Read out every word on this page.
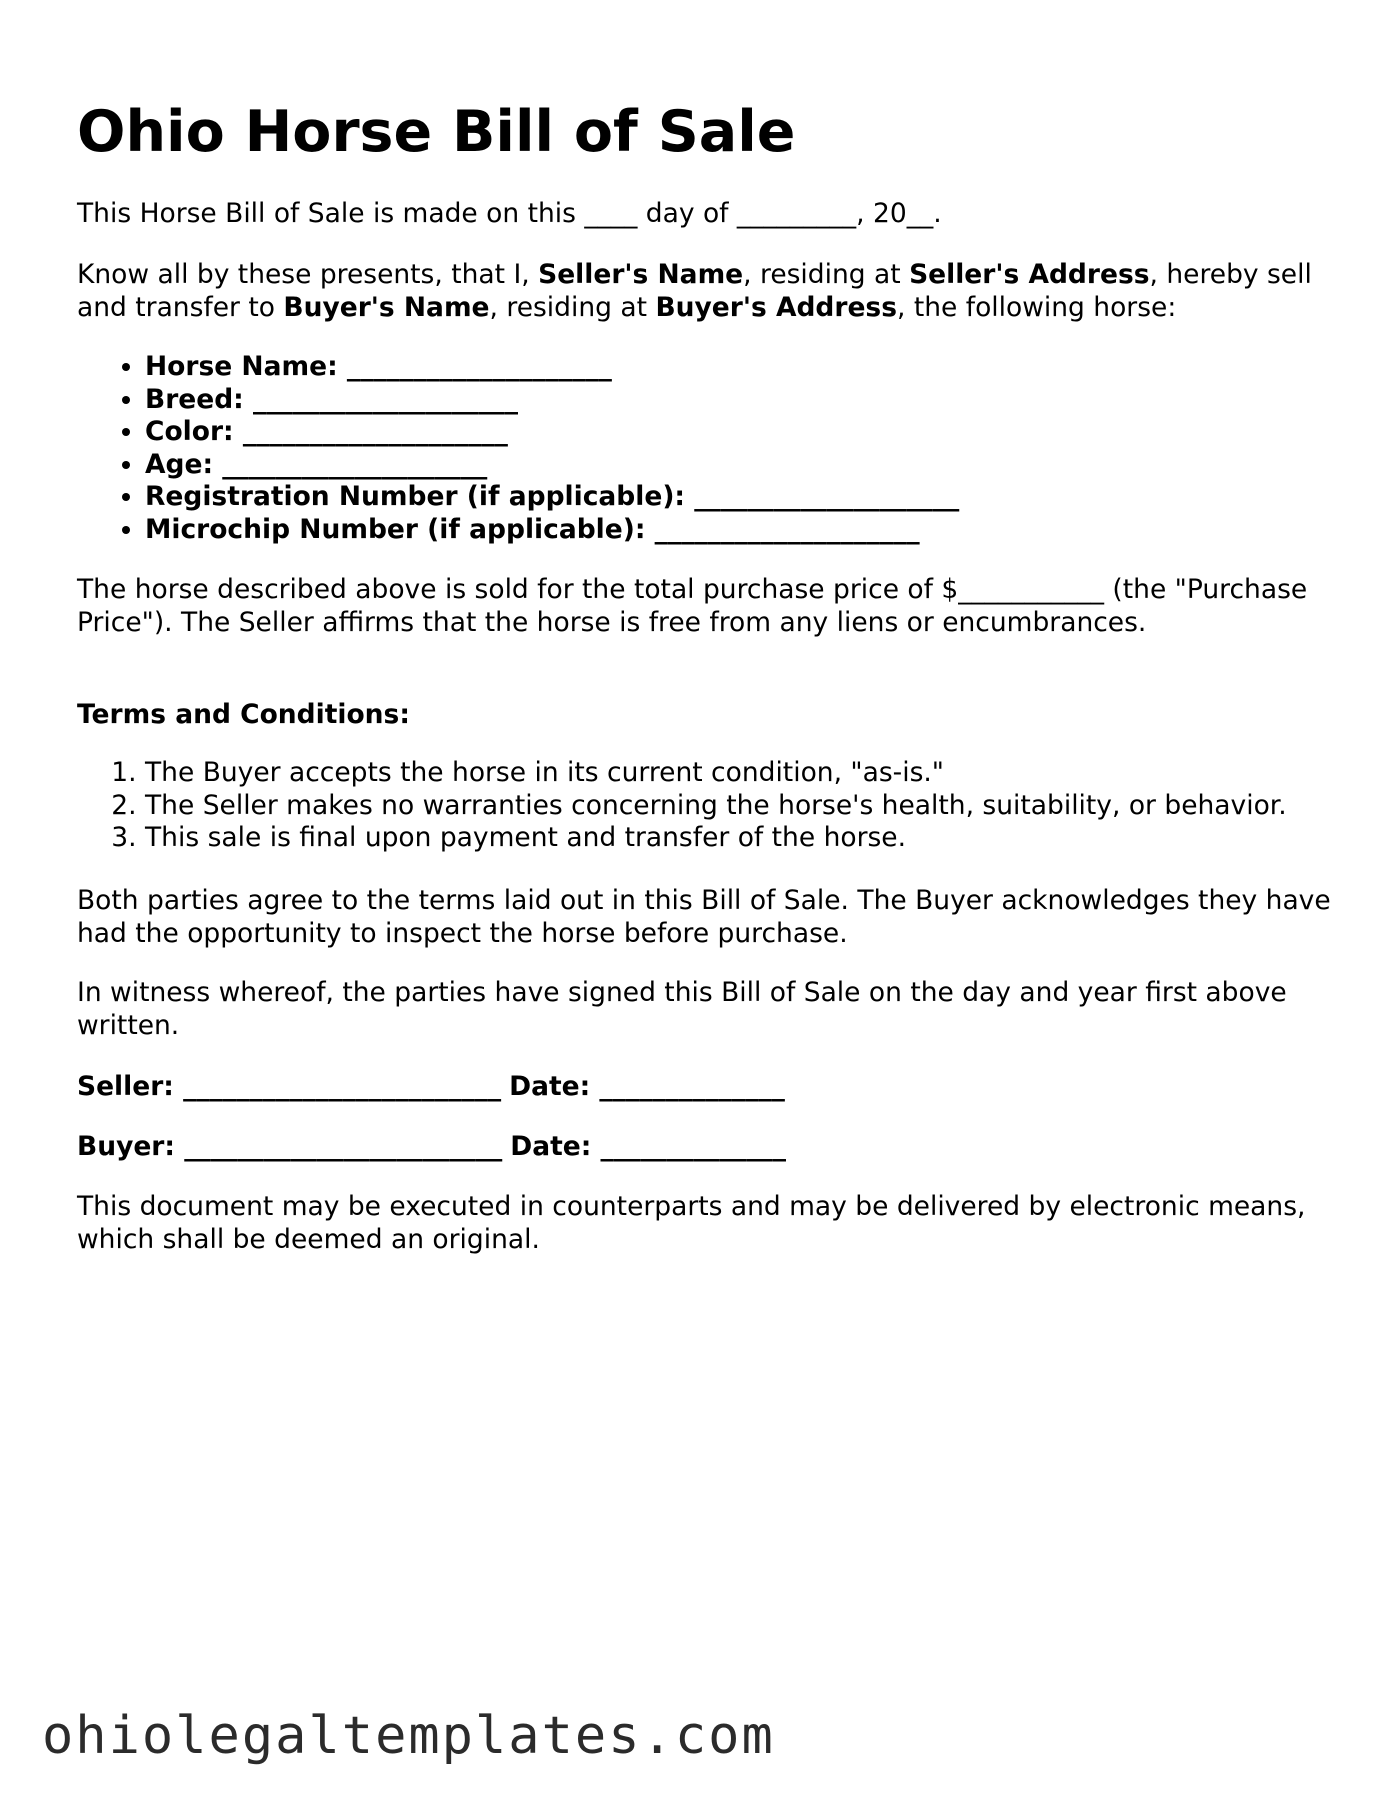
Ohio Horse Bill of Sale

This Horse Bill of Sale is made on this ____ day of _________, 20__.

Know all by these presents, that I, Seller's Name, residing at Seller's Address, hereby sell and transfer to Buyer's Name, residing at Buyer's Address, the following horse:

• Horse Name: ____________________
• Breed: ____________________
• Color: ____________________
• Age: ____________________
• Registration Number (if applicable): ____________________
• Microchip Number (if applicable): ____________________

The horse described above is sold for the total purchase price of $___________ (the "Purchase Price"). The Seller affirms that the horse is free from any liens or encumbrances.

Terms and Conditions:

1. The Buyer accepts the horse in its current condition, "as-is."
2. The Seller makes no warranties concerning the horse's health, suitability, or behavior.
3. This sale is final upon payment and transfer of the horse.

Both parties agree to the terms laid out in this Bill of Sale. The Buyer acknowledges they have had the opportunity to inspect the horse before purchase.

In witness whereof, the parties have signed this Bill of Sale on the day and year first above written.

Seller: ________________________ Date: ______________
Buyer: ________________________ Date: ______________

This document may be executed in counterparts and may be delivered by electronic means, which shall be deemed an original.

ohiolegaltemplates.com
